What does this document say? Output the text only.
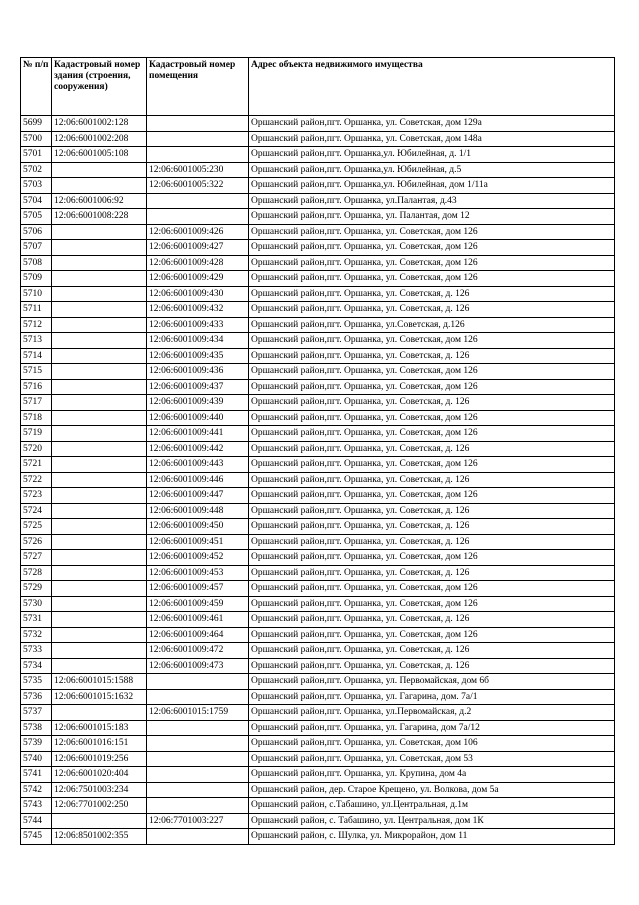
№ п/п	Кадастровый номер здания (строения, сооружения)	Кадастровый номер помещения	Адрес объекта недвижимого имущества
5699	12:06:6001002:128		Оршанский район,пгт. Оршанка, ул. Советская, дом 129а
5700	12:06:6001002:208		Оршанский район,пгт. Оршанка, ул. Советская, дом 148а
5701	12:06:6001005:108		Оршанский район,пгт. Оршанка,ул. Юбилейная, д. 1/1
5702		12:06:6001005:230	Оршанский район,пгт. Оршанка,ул. Юбилейная, д.5
5703		12:06:6001005:322	Оршанский район,пгт. Оршанка,ул. Юбилейная, дом 1/11а
5704	12:06:6001006:92		Оршанский район,пгт. Оршанка, ул.Палантая, д.43
5705	12:06:6001008:228		Оршанский район,пгт. Оршанка, ул. Палантая, дом 12
5706		12:06:6001009:426	Оршанский район,пгт. Оршанка, ул. Советская, дом 126
5707		12:06:6001009:427	Оршанский район,пгт. Оршанка, ул. Советская, дом 126
5708		12:06:6001009:428	Оршанский район,пгт. Оршанка, ул. Советская, дом 126
5709		12:06:6001009:429	Оршанский район,пгт. Оршанка, ул. Советская, дом 126
5710		12:06:6001009:430	Оршанский район,пгт. Оршанка, ул. Советская, д. 126
5711		12:06:6001009:432	Оршанский район,пгт. Оршанка, ул. Советская, д. 126
5712		12:06:6001009:433	Оршанский район,пгт. Оршанка, ул.Советская, д.126
5713		12:06:6001009:434	Оршанский район,пгт. Оршанка, ул. Советская, дом 126
5714		12:06:6001009:435	Оршанский район,пгт. Оршанка, ул. Советская, д. 126
5715		12:06:6001009:436	Оршанский район,пгт. Оршанка, ул. Советская, дом 126
5716		12:06:6001009:437	Оршанский район,пгт. Оршанка, ул. Советская, дом 126
5717		12:06:6001009:439	Оршанский район,пгт. Оршанка, ул. Советская, д. 126
5718		12:06:6001009:440	Оршанский район,пгт. Оршанка, ул. Советская, дом 126
5719		12:06:6001009:441	Оршанский район,пгт. Оршанка, ул. Советская, дом 126
5720		12:06:6001009:442	Оршанский район,пгт. Оршанка, ул. Советская, д. 126
5721		12:06:6001009:443	Оршанский район,пгт. Оршанка, ул. Советская, дом 126
5722		12:06:6001009:446	Оршанский район,пгт. Оршанка, ул. Советская, д. 126
5723		12:06:6001009:447	Оршанский район,пгт. Оршанка, ул. Советская, дом 126
5724		12:06:6001009:448	Оршанский район,пгт. Оршанка, ул. Советская, д. 126
5725		12:06:6001009:450	Оршанский район,пгт. Оршанка, ул. Советская, д. 126
5726		12:06:6001009:451	Оршанский район,пгт. Оршанка, ул. Советская, д. 126
5727		12:06:6001009:452	Оршанский район,пгт. Оршанка, ул. Советская, дом 126
5728		12:06:6001009:453	Оршанский район,пгт. Оршанка, ул. Советская, д. 126
5729		12:06:6001009:457	Оршанский район,пгт. Оршанка, ул. Советская, дом 126
5730		12:06:6001009:459	Оршанский район,пгт. Оршанка, ул. Советская, дом 126
5731		12:06:6001009:461	Оршанский район,пгт. Оршанка, ул. Советская, д. 126
5732		12:06:6001009:464	Оршанский район,пгт. Оршанка, ул. Советская, дом 126
5733		12:06:6001009:472	Оршанский район,пгт. Оршанка, ул. Советская, д. 126
5734		12:06:6001009:473	Оршанский район,пгт. Оршанка, ул. Советская, д. 126
5735	12:06:6001015:1588		Оршанский район,пгт. Оршанка, ул. Первомайская, дом 6б
5736	12:06:6001015:1632		Оршанский район,пгт. Оршанка, ул. Гагарина, дом. 7а/1
5737		12:06:6001015:1759	Оршанский район,пгт. Оршанка, ул.Первомайская, д.2
5738	12:06:6001015:183		Оршанский район,пгт. Оршанка, ул. Гагарина, дом 7а/12
5739	12:06:6001016:151		Оршанский район,пгт. Оршанка, ул. Советская, дом 106
5740	12:06:6001019:256		Оршанский район,пгт. Оршанка, ул. Советская, дом 53
5741	12:06:6001020:404		Оршанский район,пгт. Оршанка, ул. Крупина, дом 4а
5742	12:06:7501003:234		Оршанский район, дер. Старое Крещено, ул. Волкова, дом 5а
5743	12:06:7701002:250		Оршанский район, с.Табашино, ул.Центральная, д.1м
5744		12:06:7701003:227	Оршанский район, с. Табашино, ул. Центральная, дом 1К
5745	12:06:8501002:355		Оршанский район, с. Шулка, ул. Микрорайон, дом 11
